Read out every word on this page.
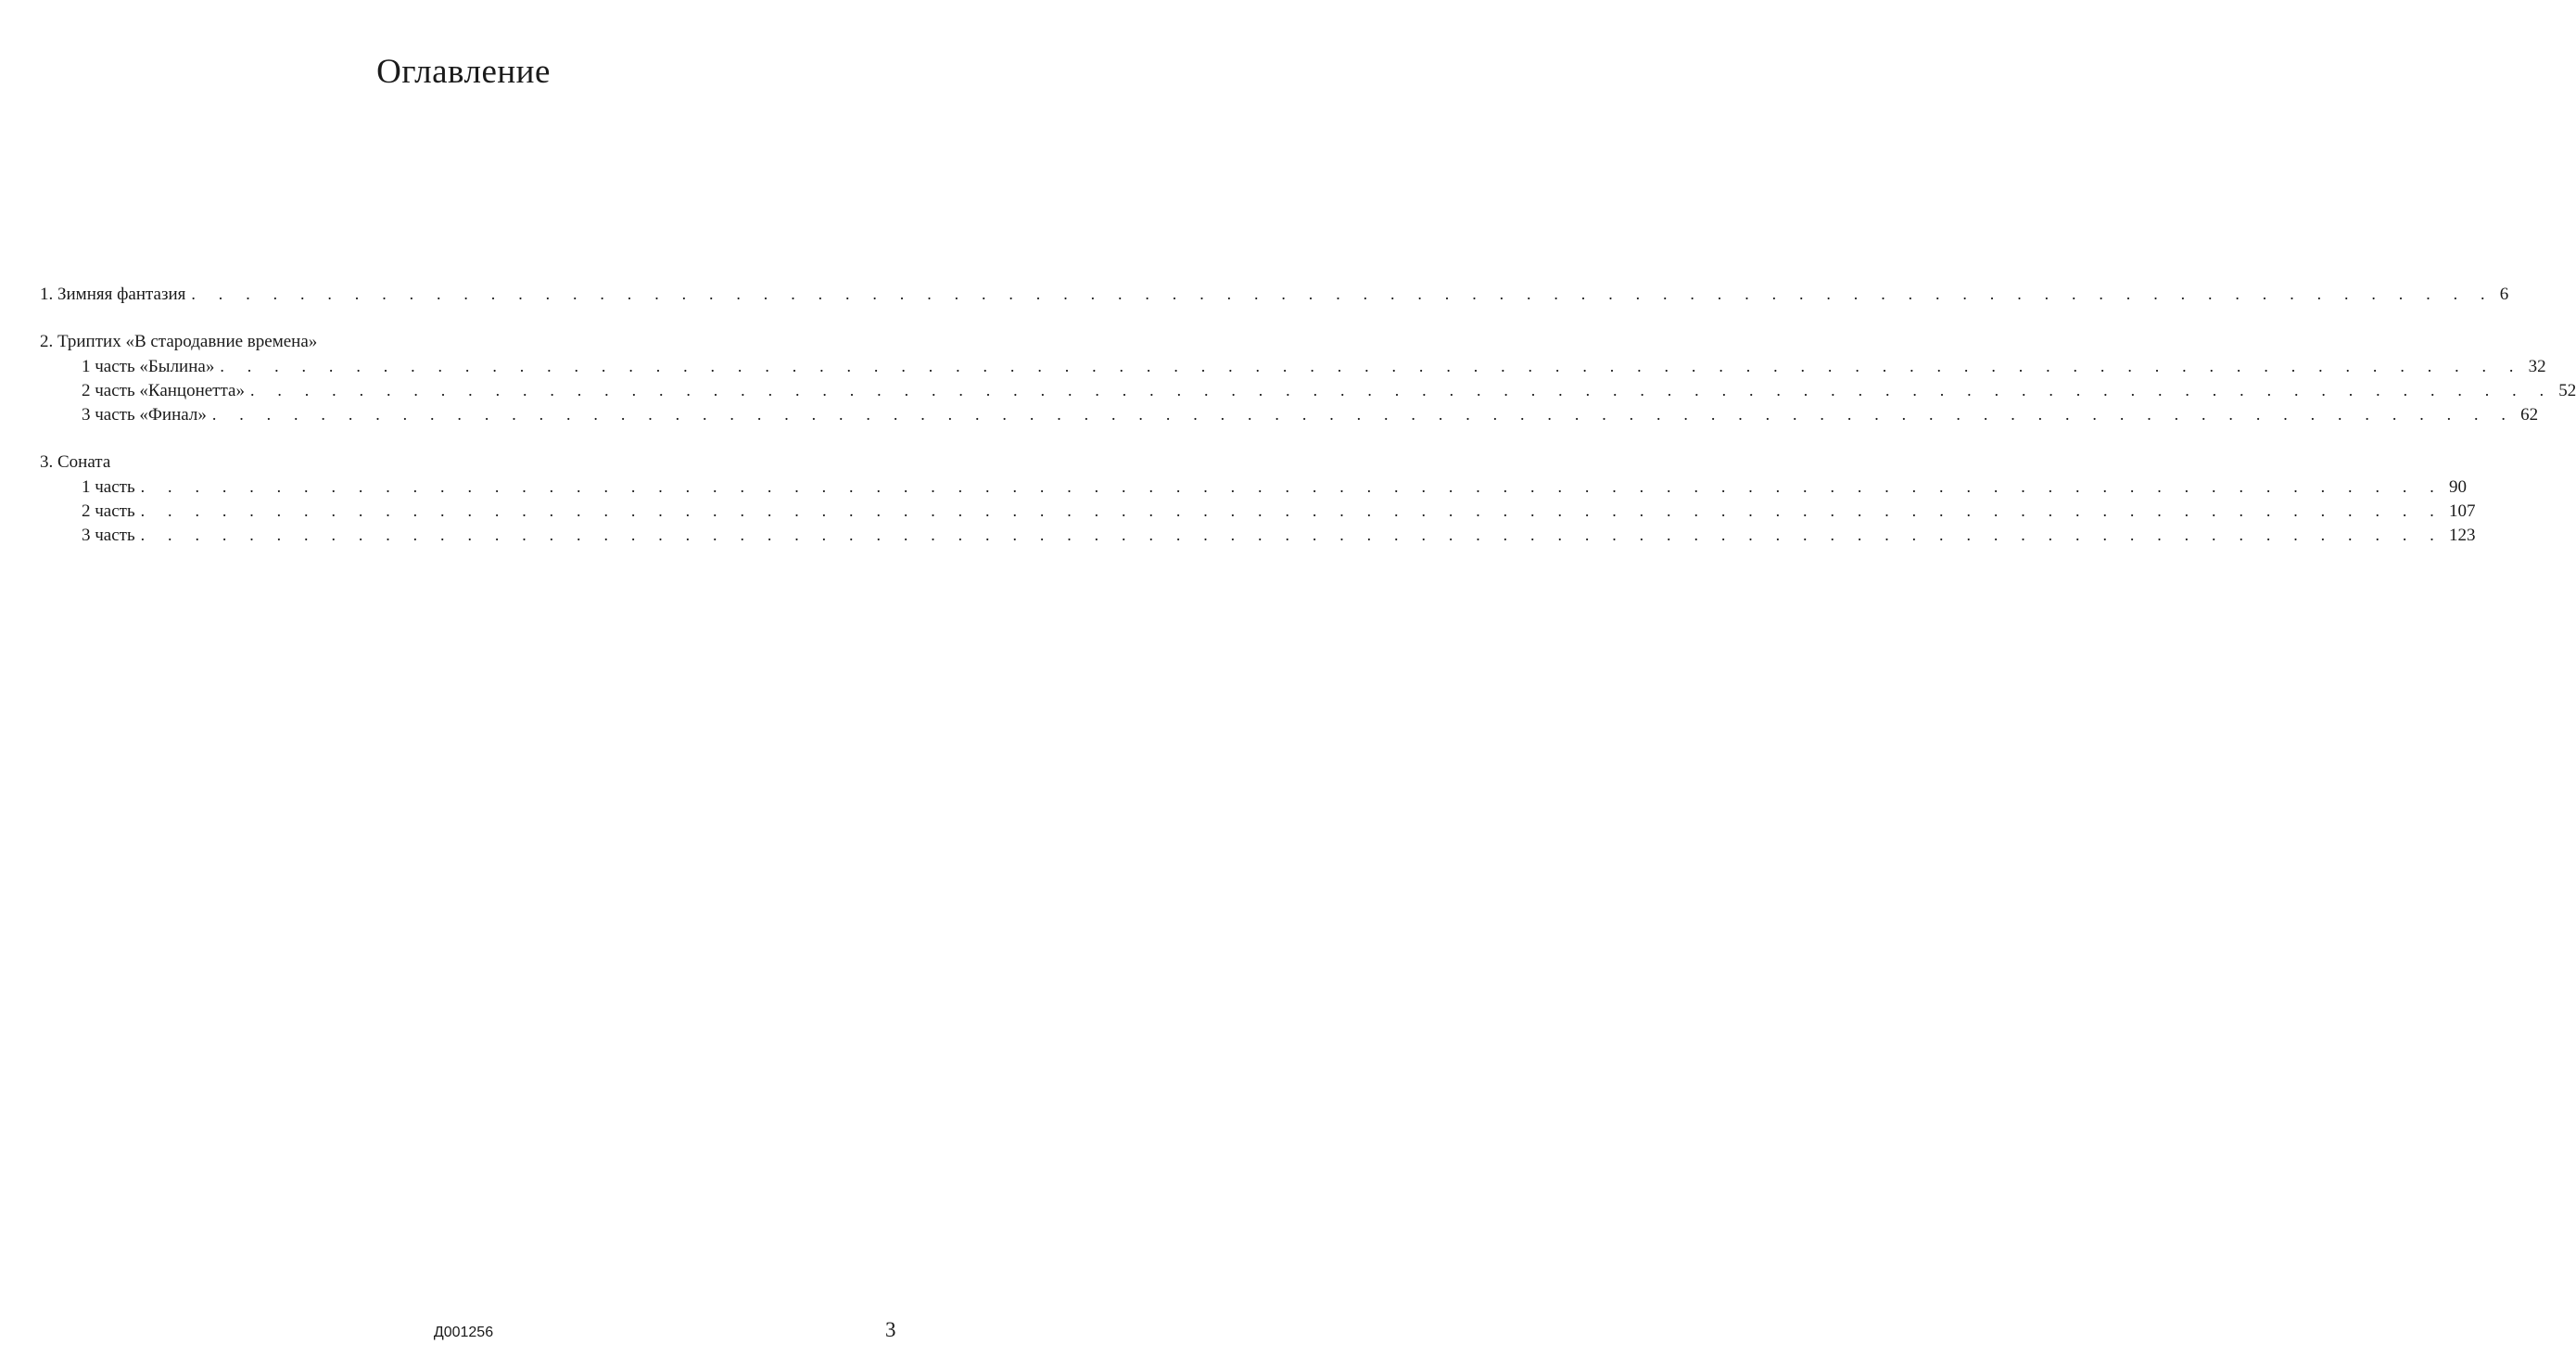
Оглавление
1. Зимняя фантазия . . . . . . . . . . . . . . . . . . . . . . . . . . . . . . . . . . . . . . . . . . . . . . . . . . . . . . . . . . . . . . . . . . . . . . . . . . . . . . . . . . . . . 6
2. Триптих «В стародавние времена»
1 часть «Былина» . . . . . . . . . . . . . . . . . . . . . . . . . . . . . . . . . . . . . . . . . . . . . . . . . . . . . . . . . . . . . . . . . . . . . . . . . . . . . . . . . . . . . 32
2 часть «Канцонетта» . . . . . . . . . . . . . . . . . . . . . . . . . . . . . . . . . . . . . . . . . . . . . . . . . . . . . . . . . . . . . . . . . . . . . . . . . . . . . . . . . . . . . 52
3 часть «Финал» . . . . . . . . . . . . . . . . . . . . . . . . . . . . . . . . . . . . . . . . . . . . . . . . . . . . . . . . . . . . . . . . . . . . . . . . . . . . . . . . . . . . . 62
3. Соната
1 часть . . . . . . . . . . . . . . . . . . . . . . . . . . . . . . . . . . . . . . . . . . . . . . . . . . . . . . . . . . . . . . . . . . . . . . . . . . . . . . . . . . . . . 90
2 часть . . . . . . . . . . . . . . . . . . . . . . . . . . . . . . . . . . . . . . . . . . . . . . . . . . . . . . . . . . . . . . . . . . . . . . . . . . . . . . . . . . . . . 107
3 часть . . . . . . . . . . . . . . . . . . . . . . . . . . . . . . . . . . . . . . . . . . . . . . . . . . . . . . . . . . . . . . . . . . . . . . . . . . . . . . . . . . . . . 123
Д001256	3
